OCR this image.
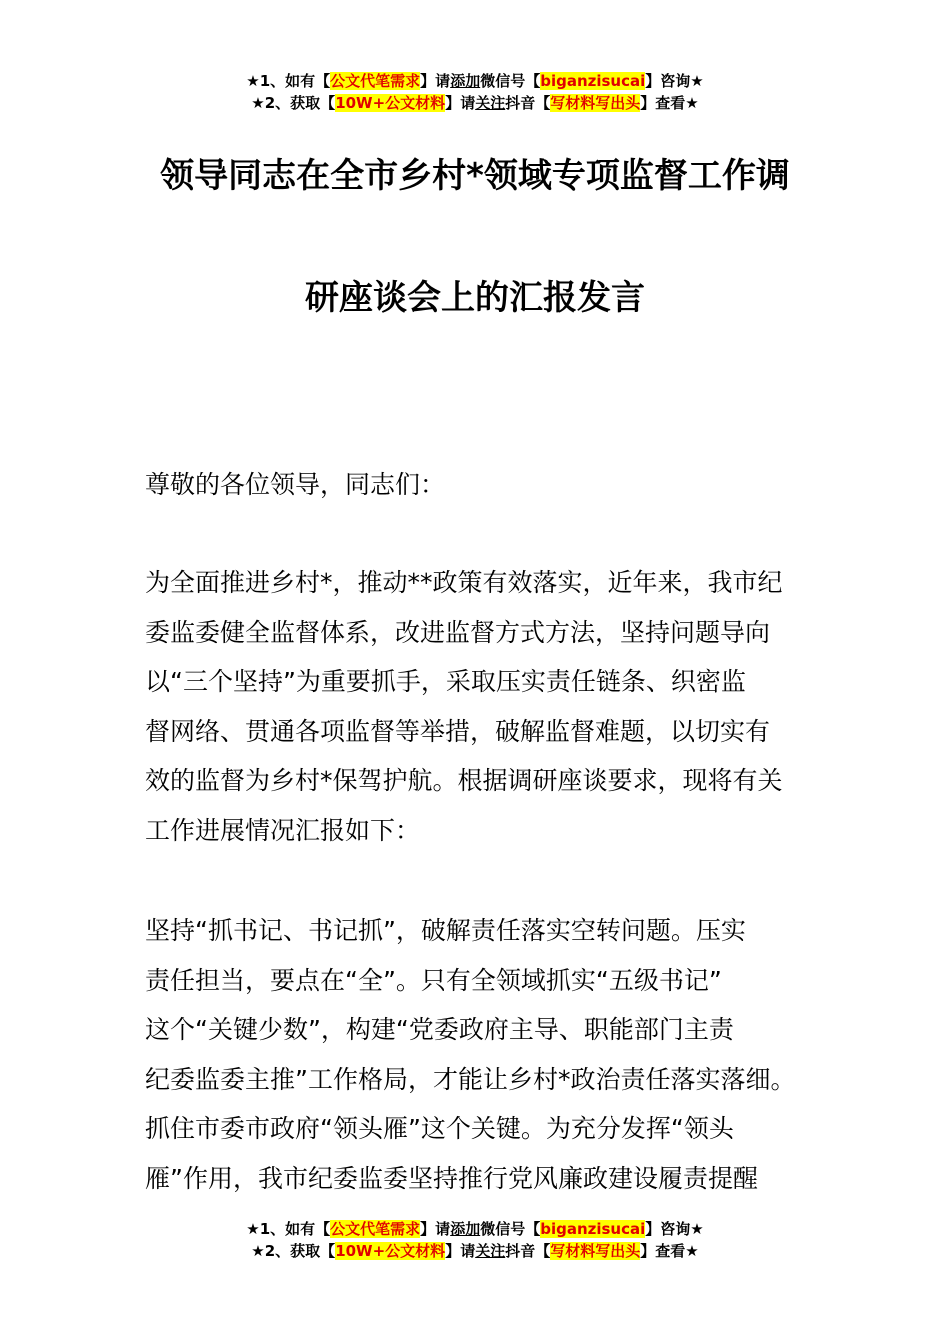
★1、如有【公文代笔需求】请添加微信号【biganzisucai】咨询★
★2、获取【10W+公文材料】请关注抖音【写材料写出头】查看★
领导同志在全市乡村*领域专项监督工作调
研座谈会上的汇报发言
尊敬的各位领导，同志们：
为全面推进乡村*，推动**政策有效落实，近年来，我市纪
委监委健全监督体系，改进监督方式方法，坚持问题导向
以“三个坚持”为重要抓手，采取压实责任链条、织密监
督网络、贯通各项监督等举措，破解监督难题，以切实有
效的监督为乡村*保驾护航。根据调研座谈要求，现将有关
工作进展情况汇报如下：
坚持“抓书记、书记抓”，破解责任落实空转问题。压实
责任担当，要点在“全”。只有全领域抓实“五级书记”
这个“关键少数”，构建“党委政府主导、职能部门主责
纪委监委主推”工作格局，才能让乡村*政治责任落实落细。
抓住市委市政府“领头雁”这个关键。为充分发挥“领头
雁”作用，我市纪委监委坚持推行党风廉政建设履责提醒
★1、如有【公文代笔需求】请添加微信号【biganzisucai】咨询★
★2、获取【10W+公文材料】请关注抖音【写材料写出头】查看★
